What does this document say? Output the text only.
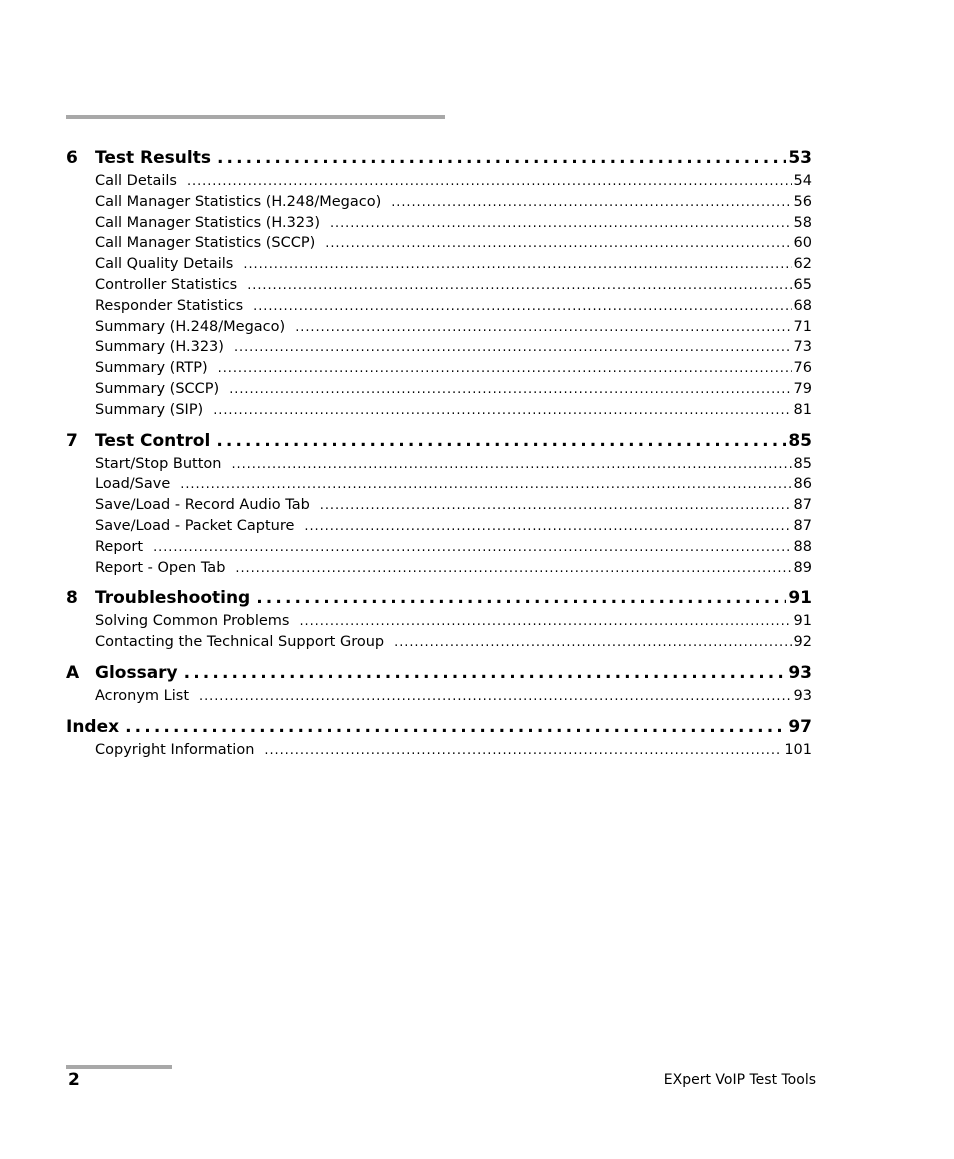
6	Test Results . . .	53
Call Details . . .	54
Call Manager Statistics (H.248/Megaco) . . .	56
Call Manager Statistics (H.323) . . .	58
Call Manager Statistics (SCCP) . . .	60
Call Quality Details . . .	62
Controller Statistics . . .	65
Responder Statistics . . .	68
Summary (H.248/Megaco) . . .	71
Summary (H.323) . . .	73
Summary (RTP) . . .	76
Summary (SCCP) . . .	79
Summary (SIP) . . .	81
7	Test Control . . .	85
Start/Stop Button . . .	85
Load/Save . . .	86
Save/Load - Record Audio Tab . . .	87
Save/Load - Packet Capture . . .	87
Report . . .	88
Report - Open Tab . . .	89
8	Troubleshooting . . .	91
Solving Common Problems . . .	91
Contacting the Technical Support Group . . .	92
A Glossary . . .	93
Acronym List . . .	93
Index . . .	97
Copyright Information . . .	101
2	EXpert VoIP Test Tools
